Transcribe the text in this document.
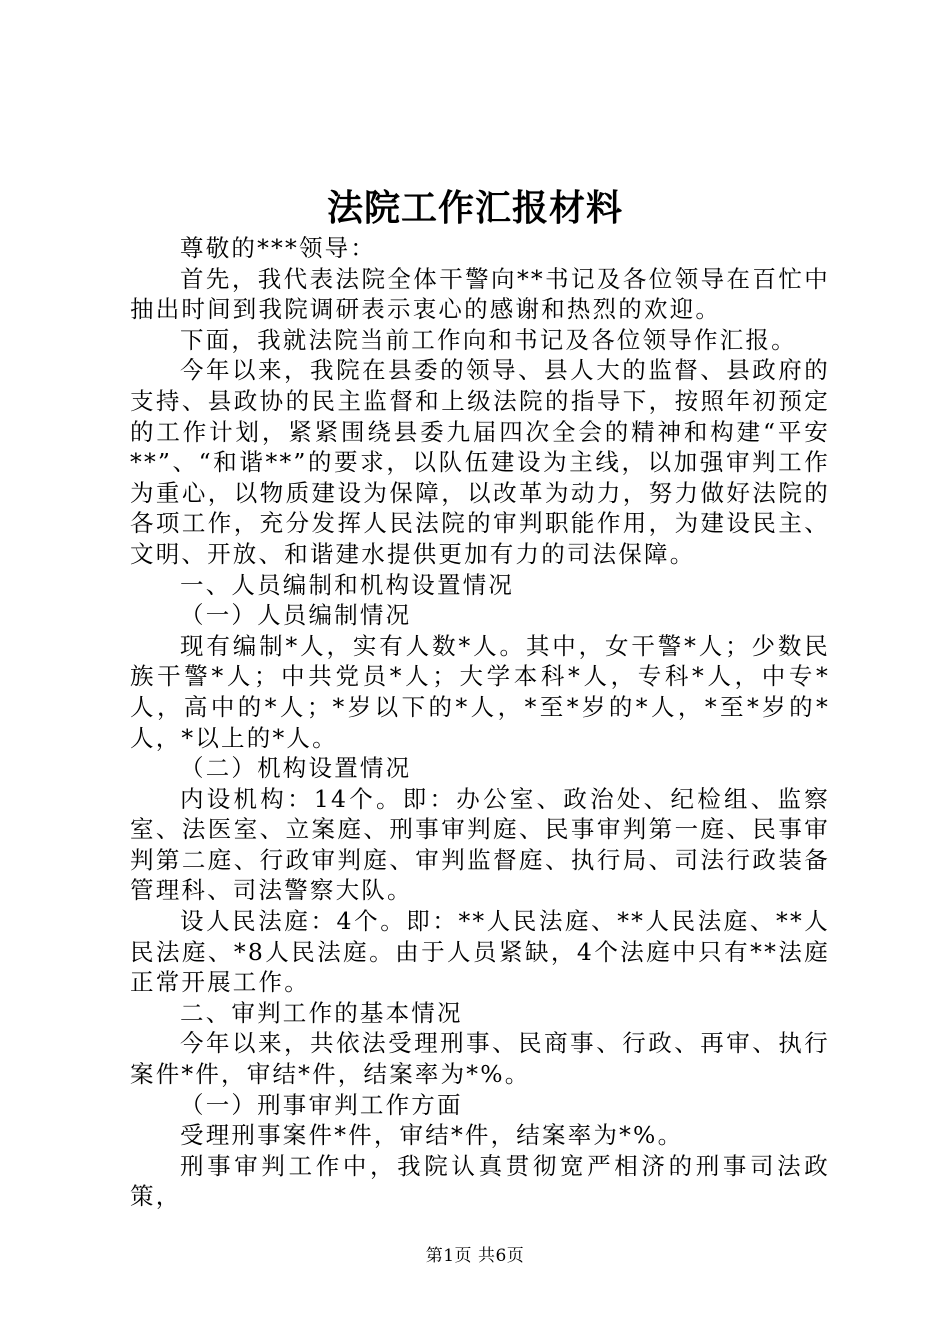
法院工作汇报材料

尊敬的***领导：

首先，我代表法院全体干警向**书记及各位领导在百忙中抽出时间到我院调研表示衷心的感谢和热烈的欢迎。

下面，我就法院当前工作向和书记及各位领导作汇报。

今年以来，我院在县委的领导、县人大的监督、县政府的支持、县政协的民主监督和上级法院的指导下，按照年初预定的工作计划，紧紧围绕县委九届四次全会的精神和构建“平安**”、“和谐**”的要求，以队伍建设为主线，以加强审判工作为重心，以物质建设为保障，以改革为动力，努力做好法院的各项工作，充分发挥人民法院的审判职能作用，为建设民主、文明、开放、和谐建水提供更加有力的司法保障。

一、人员编制和机构设置情况

（一）人员编制情况

现有编制*人，实有人数*人。其中，女干警*人；少数民族干警*人；中共党员*人；大学本科*人，专科*人，中专*人，高中的*人；*岁以下的*人，*至*岁的*人，*至*岁的*人，*以上的*人。

（二）机构设置情况

内设机构：14个。即：办公室、政治处、纪检组、监察室、法医室、立案庭、刑事审判庭、民事审判第一庭、民事审判第二庭、行政审判庭、审判监督庭、执行局、司法行政装备管理科、司法警察大队。

设人民法庭：4个。即：**人民法庭、**人民法庭、**人民法庭、*8人民法庭。由于人员紧缺，4个法庭中只有**法庭正常开展工作。

二、审判工作的基本情况

今年以来，共依法受理刑事、民商事、行政、再审、执行案件*件，审结*件，结案率为*%。

（一）刑事审判工作方面

受理刑事案件*件，审结*件，结案率为*%。

刑事审判工作中，我院认真贯彻宽严相济的刑事司法政策，

第1页 共6页
